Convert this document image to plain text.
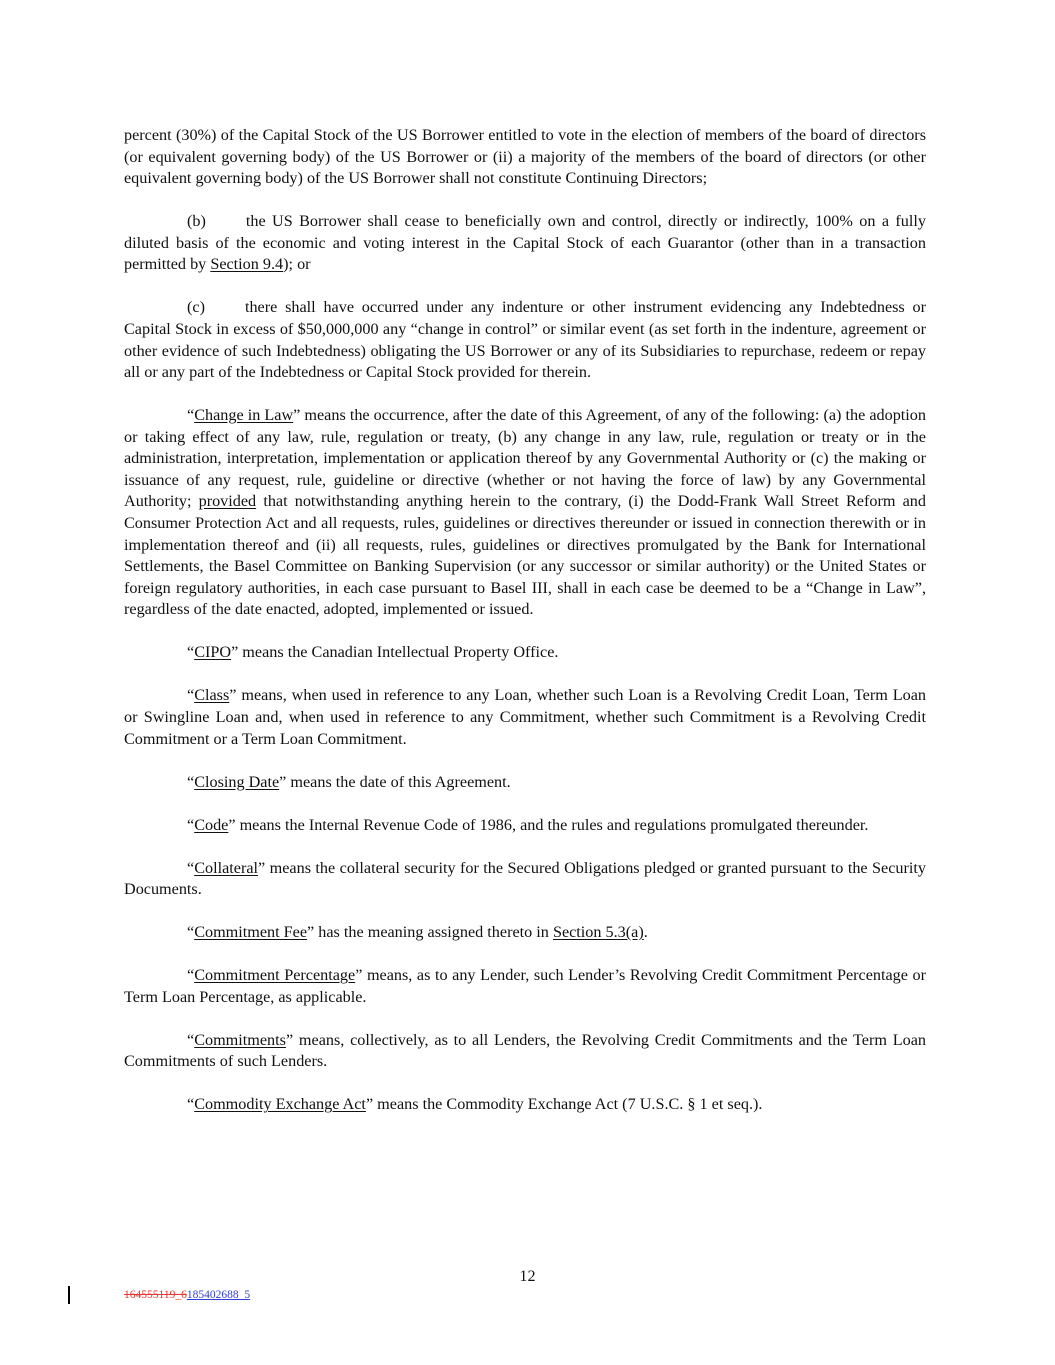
percent (30%) of the Capital Stock of the US Borrower entitled to vote in the election of members of the board of directors (or equivalent governing body) of the US Borrower or (ii) a majority of the members of the board of directors (or other equivalent governing body) of the US Borrower shall not constitute Continuing Directors;

(b) the US Borrower shall cease to beneficially own and control, directly or indirectly, 100% on a fully diluted basis of the economic and voting interest in the Capital Stock of each Guarantor (other than in a transaction permitted by Section 9.4); or

(c) there shall have occurred under any indenture or other instrument evidencing any Indebtedness or Capital Stock in excess of $50,000,000 any “change in control” or similar event (as set forth in the indenture, agreement or other evidence of such Indebtedness) obligating the US Borrower or any of its Subsidiaries to repurchase, redeem or repay all or any part of the Indebtedness or Capital Stock provided for therein.

“Change in Law” means the occurrence, after the date of this Agreement, of any of the following: (a) the adoption or taking effect of any law, rule, regulation or treaty, (b) any change in any law, rule, regulation or treaty or in the administration, interpretation, implementation or application thereof by any Governmental Authority or (c) the making or issuance of any request, rule, guideline or directive (whether or not having the force of law) by any Governmental Authority; provided that notwithstanding anything herein to the contrary, (i) the Dodd-Frank Wall Street Reform and Consumer Protection Act and all requests, rules, guidelines or directives thereunder or issued in connection therewith or in implementation thereof and (ii) all requests, rules, guidelines or directives promulgated by the Bank for International Settlements, the Basel Committee on Banking Supervision (or any successor or similar authority) or the United States or foreign regulatory authorities, in each case pursuant to Basel III, shall in each case be deemed to be a “Change in Law”, regardless of the date enacted, adopted, implemented or issued.

“CIPO” means the Canadian Intellectual Property Office.

“Class” means, when used in reference to any Loan, whether such Loan is a Revolving Credit Loan, Term Loan or Swingline Loan and, when used in reference to any Commitment, whether such Commitment is a Revolving Credit Commitment or a Term Loan Commitment.

“Closing Date” means the date of this Agreement.

“Code” means the Internal Revenue Code of 1986, and the rules and regulations promulgated thereunder.

“Collateral” means the collateral security for the Secured Obligations pledged or granted pursuant to the Security Documents.

“Commitment Fee” has the meaning assigned thereto in Section 5.3(a).

“Commitment Percentage” means, as to any Lender, such Lender’s Revolving Credit Commitment Percentage or Term Loan Percentage, as applicable.

“Commitments” means, collectively, as to all Lenders, the Revolving Credit Commitments and the Term Loan Commitments of such Lenders.

“Commodity Exchange Act” means the Commodity Exchange Act (7 U.S.C. § 1 et seq.).

12
164555119_6185402688_5
